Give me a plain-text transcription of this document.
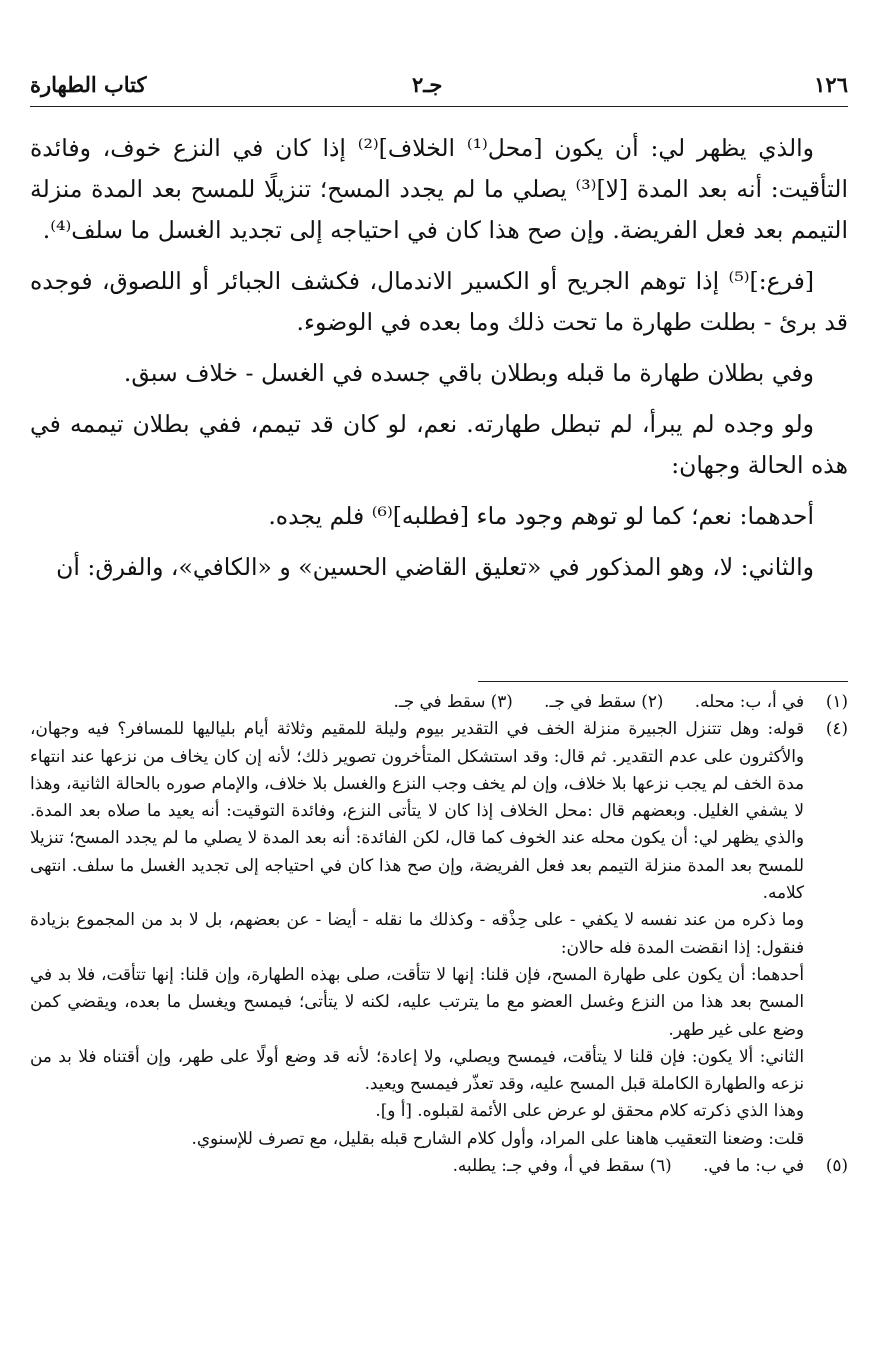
١٢٦
جـ٢
كتاب الطهارة

والذي يظهر لي: أن يكون [محل⁽¹⁾ الخلاف]⁽²⁾ إذا كان في النزع خوف، وفائدة التأقيت: أنه بعد المدة [لا]⁽³⁾ يصلي ما لم يجدد المسح؛ تنزيلًا للمسح بعد المدة منزلة التيمم بعد فعل الفريضة. وإن صح هذا كان في احتياجه إلى تجديد الغسل ما سلف⁽⁴⁾.

[فرع:]⁽⁵⁾ إذا توهم الجريح أو الكسير الاندمال، فكشف الجبائر أو اللصوق، فوجده قد برئ - بطلت طهارة ما تحت ذلك وما بعده في الوضوء.

وفي بطلان طهارة ما قبله وبطلان باقي جسده في الغسل - خلاف سبق.

ولو وجده لم يبرأ، لم تبطل طهارته. نعم، لو كان قد تيمم، ففي بطلان تيممه في هذه الحالة وجهان:

أحدهما: نعم؛ كما لو توهم وجود ماء [فطلبه]⁽⁶⁾ فلم يجده.

والثاني: لا، وهو المذكور في «تعليق القاضي الحسين» و «الكافي»، والفرق: أن

(١)
في أ، ب: محله. (٢) سقط في جـ. (٣) سقط في جـ.
(٤)
قوله: وهل تتنزل الجبيرة منزلة الخف في التقدير بيوم وليلة للمقيم وثلاثة أيام بلياليها للمسافر؟ فيه وجهان، والأكثرون على عدم التقدير. ثم قال: وقد استشكل المتأخرون تصوير ذلك؛ لأنه إن كان يخاف من نزعها عند انتهاء مدة الخف لم يجب نزعها بلا خلاف، وإن لم يخف وجب النزع والغسل بلا خلاف، والإمام صوره بالحالة الثانية، وهذا لا يشفي الغليل. وبعضهم قال :محل الخلاف إذا كان لا يتأتى النزع، وفائدة التوقيت: أنه يعيد ما صلاه بعد المدة. والذي يظهر لي: أن يكون محله عند الخوف كما قال، لكن الفائدة: أنه بعد المدة لا يصلي ما لم يجدد المسح؛ تنزيلا للمسح بعد المدة منزلة التيمم بعد فعل الفريضة، وإن صح هذا كان في احتياجه إلى تجديد الغسل ما سلف. انتهى كلامه.
وما ذكره من عند نفسه لا يكفي - على حِذْقه - وكذلك ما نقله - أيضا - عن بعضهم، بل لا بد من المجموع بزيادة فنقول: إذا انقضت المدة فله حالان:
أحدهما: أن يكون على طهارة المسح، فإن قلنا: إنها لا تتأقت، صلى بهذه الطهارة، وإن قلنا: إنها تتأقت، فلا بد في المسح بعد هذا من النزع وغسل العضو مع ما يترتب عليه، لكنه لا يتأتى؛ فيمسح ويغسل ما بعده، ويقضي كمن وضع على غير طهر.
الثاني: ألا يكون: فإن قلنا لا يتأقت، فيمسح ويصلي، ولا إعادة؛ لأنه قد وضع أولًا على طهر، وإن أقتناه فلا بد من نزعه والطهارة الكاملة قبل المسح عليه، وقد تعذّر فيمسح ويعيد.
وهذا الذي ذكرته كلام محقق لو عرض على الأئمة لقبلوه. [أ و].
قلت: وضعنا التعقيب هاهنا على المراد، وأول كلام الشارح قبله بقليل، مع تصرف للإسنوي.
(٥)
في ب: ما في. (٦) سقط في أ، وفي جـ: يطلبه.
